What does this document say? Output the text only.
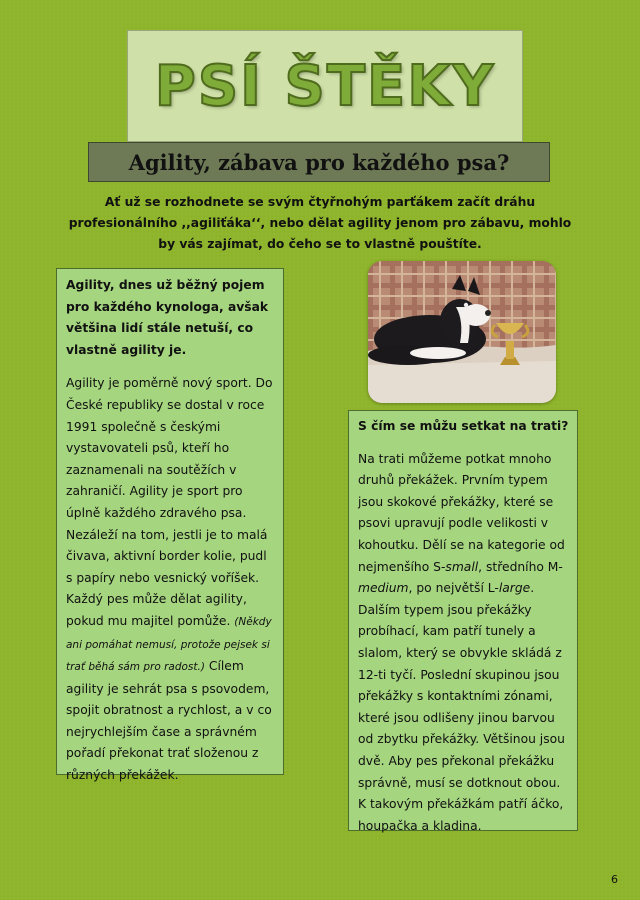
PSÍ ŠTĚKY
Agility, zábava pro každého psa?
Ať už se rozhodnete se svým čtyřnohým parťákem začít dráhu profesionálního ,,agiliťáka‘‘, nebo dělat agility jenom pro zábavu, mohlo by vás zajímat, do čeho se to vlastně pouštíte.

Agility, dnes už běžný pojem pro každého kynologa, avšak většina lidí stále netuší, co vlastně agility je.

Agility je poměrně nový sport. Do České republiky se dostal v roce 1991 společně s českými vystavovateli psů, kteří ho zaznamenali na soutěžích v zahraničí. Agility je sport pro úplně každého zdravého psa. Nezáleží na tom, jestli je to malá čivava, aktivní border kolie, pudl s papíry nebo vesnický voříšek. Každý pes může dělat agility, pokud mu majitel pomůže. (Někdy ani pomáhat nemusí, protože pejsek si trať běhá sám pro radost.) Cílem agility je sehrát psa s psovodem, spojit obratnost a rychlost, a v co nejrychlejším čase a správném pořadí překonat trať složenou z různých překážek.

S čím se můžu setkat na trati?

Na trati můžeme potkat mnoho druhů překážek. Prvním typem jsou skokové překážky, které se psovi upravují podle velikosti v kohoutku. Dělí se na kategorie od nejmenšího S-small, středního M-medium, po největší L-large. Dalším typem jsou překážky probíhací, kam patří tunely a slalom, který se obvykle skládá z 12-ti tyčí. Poslední skupinou jsou překážky s kontaktními zónami, které jsou odlišeny jinou barvou od zbytku překážky. Většinou jsou dvě. Aby pes překonal překážku správně, musí se dotknout obou. K takovým překážkám patří áčko, houpačka a kladina.

6
